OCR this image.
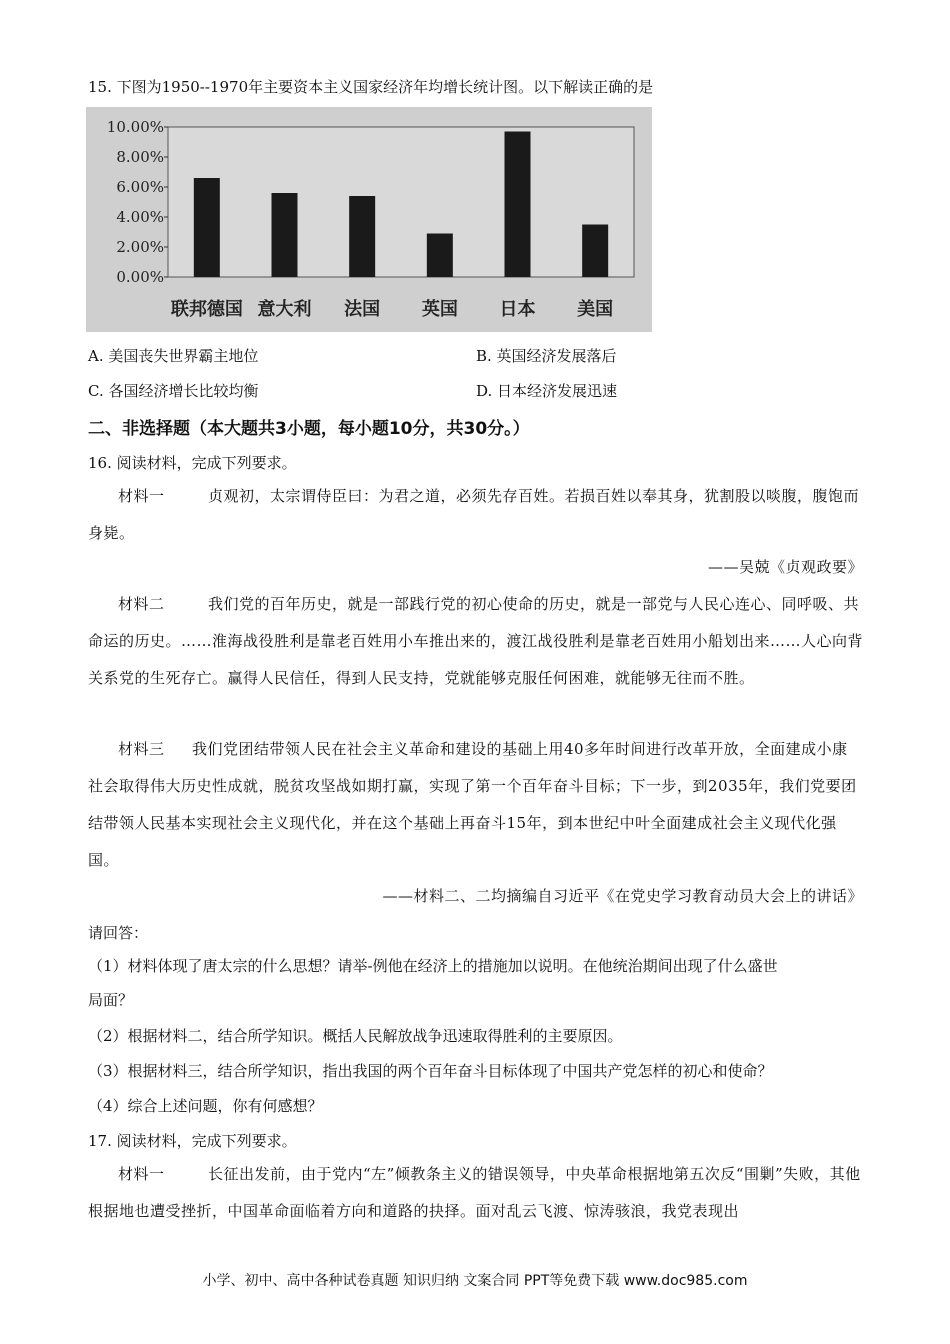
15. 下图为1950--1970年主要资本主义国家经济年均增长统计图。以下解读正确的是
0.00%
2.00%
4.00%
6.00%
8.00%
10.00%
联邦德国 意大利 法国 英国 日本 美国
A. 美国丧失世界霸主地位	B. 英国经济发展落后
C. 各国经济增长比较均衡	D. 日本经济发展迅速
二、非选择题（本大题共3小题，每小题10分，共30分。）
16. 阅读材料，完成下列要求。
材料一	贞观初，太宗谓侍臣曰：为君之道，必须先存百姓。若损百姓以奉其身，犹割股以啖腹，腹饱而身毙。
——吴兢《贞观政要》
材料二	我们党的百年历史，就是一部践行党的初心使命的历史，就是一部党与人民心连心、同呼吸、共命运的历史。……淮海战役胜利是靠老百姓用小车推出来的，渡江战役胜利是靠老百姓用小船划出来……人心向背关系党的生死存亡。赢得人民信任，得到人民支持，党就能够克服任何困难，就能够无往而不胜。
材料三 我们党团结带领人民在社会主义革命和建设的基础上用40多年时间进行改革开放，全面建成小康社会取得伟大历史性成就，脱贫攻坚战如期打赢，实现了第一个百年奋斗目标；下一步，到2035年，我们党要团结带领人民基本实现社会主义现代化，并在这个基础上再奋斗15年，到本世纪中叶全面建成社会主义现代化强国。
——材料二、二均摘编自习近平《在党史学习教育动员大会上的讲话》
请回答：
（1）材料体现了唐太宗的什么思想？请举-例他在经济上的措施加以说明。在他统治期间出现了什么盛世
局面？
（2）根据材料二，结合所学知识。概括人民解放战争迅速取得胜利的主要原因。
（3）根据材料三，结合所学知识，指出我国的两个百年奋斗目标体现了中国共产党怎样的初心和使命？
（4）综合上述问题，你有何感想？
17. 阅读材料，完成下列要求。
材料一	长征出发前，由于党内“左”倾教条主义的错误领导，中央革命根据地第五次反“围剿”失败，其他根据地也遭受挫折，中国革命面临着方向和道路的抉择。面对乱云飞渡、惊涛骇浪，我党表现出
小学、初中、高中各种试卷真题 知识归纳 文案合同 PPT等免费下载 www.doc985.com
